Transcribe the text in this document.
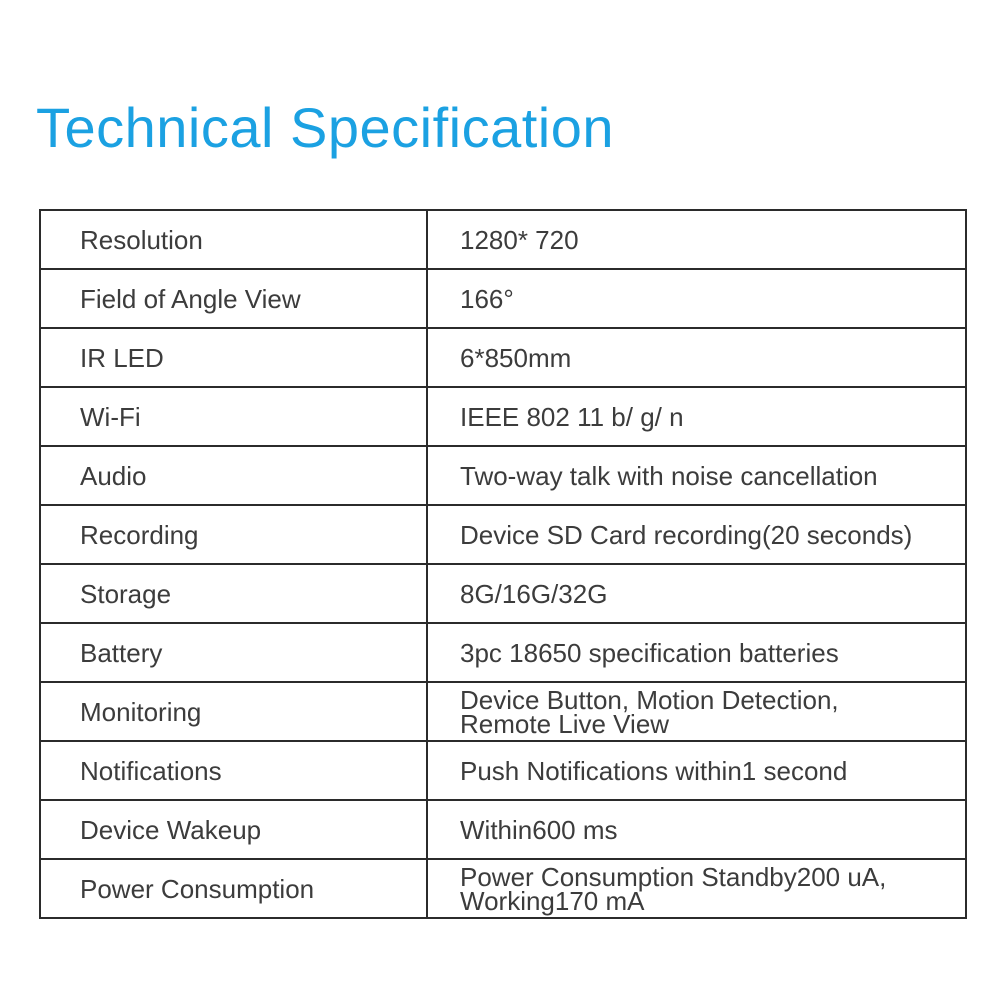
Technical Specification
Resolution	1280* 720
Field of Angle View	166°
IR LED	6*850mm
Wi-Fi	IEEE 802 11 b/ g/ n
Audio	Two-way talk with noise cancellation
Recording	Device SD Card recording(20 seconds)
Storage	8G/16G/32G
Battery	3pc 18650 specification batteries
Monitoring	Device Button, Motion Detection,
Remote Live View
Notifications	Push Notifications within1 second
Device Wakeup	Within600 ms
Power Consumption	Power Consumption Standby200 uA,
Working170 mA
